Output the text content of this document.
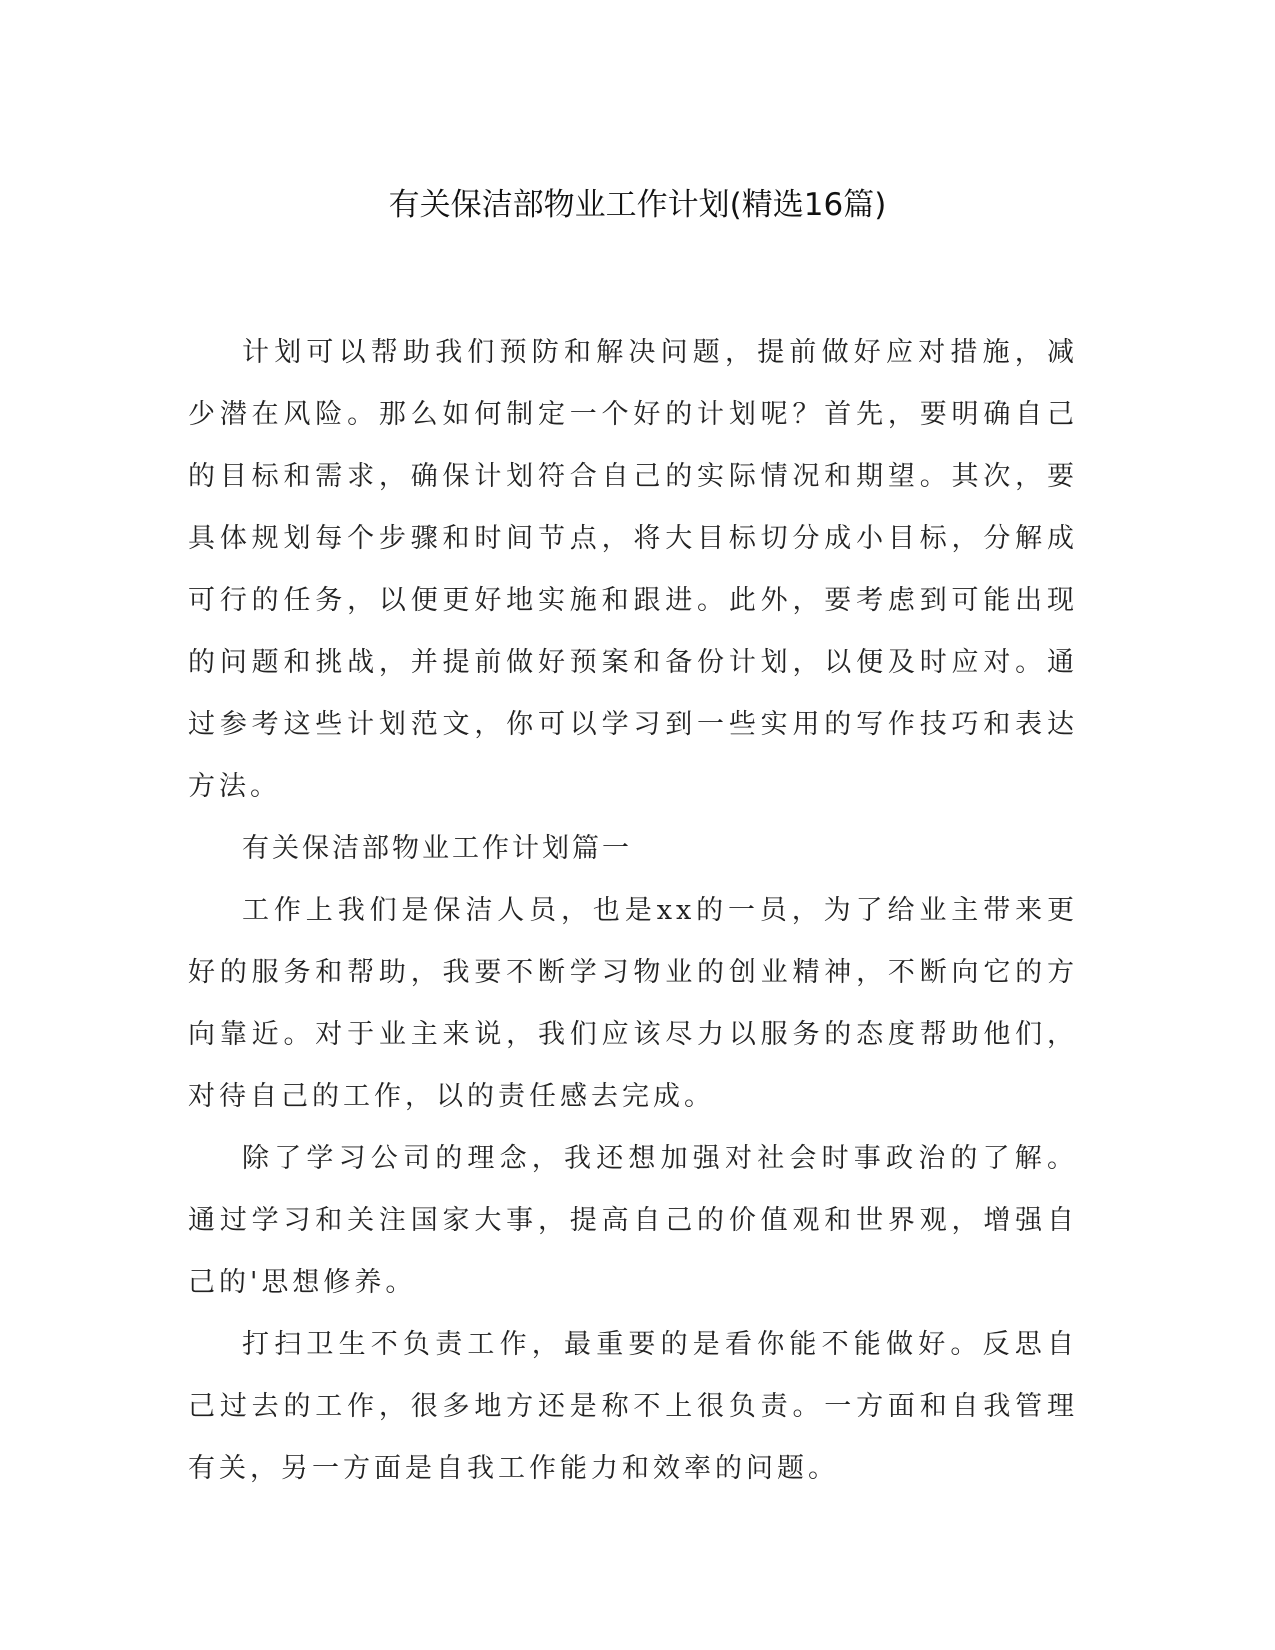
有关保洁部物业工作计划(精选16篇)

计划可以帮助我们预防和解决问题，提前做好应对措施，减少潜在风险。那么如何制定一个好的计划呢？首先，要明确自己的目标和需求，确保计划符合自己的实际情况和期望。其次，要具体规划每个步骤和时间节点，将大目标切分成小目标，分解成可行的任务，以便更好地实施和跟进。此外，要考虑到可能出现的问题和挑战，并提前做好预案和备份计划，以便及时应对。通过参考这些计划范文，你可以学习到一些实用的写作技巧和表达方法。

有关保洁部物业工作计划篇一

工作上我们是保洁人员，也是xx的一员，为了给业主带来更好的服务和帮助，我要不断学习物业的创业精神，不断向它的方向靠近。对于业主来说，我们应该尽力以服务的态度帮助他们，对待自己的工作，以的责任感去完成。

除了学习公司的理念，我还想加强对社会时事政治的了解。通过学习和关注国家大事，提高自己的价值观和世界观，增强自己的'思想修养。

打扫卫生不负责工作，最重要的是看你能不能做好。反思自己过去的工作，很多地方还是称不上很负责。一方面和自我管理有关，另一方面是自我工作能力和效率的问题。
